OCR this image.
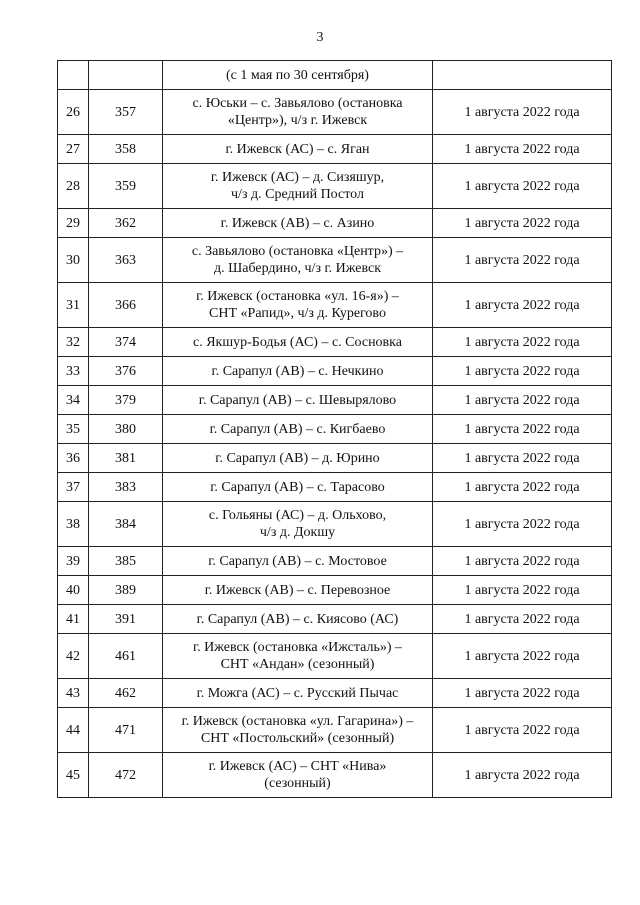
3
		(с 1 мая по 30 сентября)	
26	357	с. Юськи – с. Завьялово (остановка
«Центр»), ч/з г. Ижевск	1 августа 2022 года
27	358	г. Ижевск (АС) – с. Яган	1 августа 2022 года
28	359	г. Ижевск (АС) – д. Сизяшур,
ч/з д. Средний Постол	1 августа 2022 года
29	362	г. Ижевск (АВ) – с. Азино	1 августа 2022 года
30	363	с. Завьялово (остановка «Центр») –
д. Шабердино, ч/з г. Ижевск	1 августа 2022 года
31	366	г. Ижевск (остановка «ул. 16-я») –
СНТ «Рапид», ч/з д. Курегово	1 августа 2022 года
32	374	с. Якшур-Бодья (АС) – с. Сосновка	1 августа 2022 года
33	376	г. Сарапул (АВ) – с. Нечкино	1 августа 2022 года
34	379	г. Сарапул (АВ) – с. Шевырялово	1 августа 2022 года
35	380	г. Сарапул (АВ) – с. Кигбаево	1 августа 2022 года
36	381	г. Сарапул (АВ) – д. Юрино	1 августа 2022 года
37	383	г. Сарапул (АВ) – с. Тарасово	1 августа 2022 года
38	384	с. Гольяны (АС) – д. Ольхово,
ч/з д. Докшу	1 августа 2022 года
39	385	г. Сарапул (АВ) – с. Мостовое	1 августа 2022 года
40	389	г. Ижевск (АВ) – с. Перевозное	1 августа 2022 года
41	391	г. Сарапул (АВ) – с. Киясово (АС)	1 августа 2022 года
42	461	г. Ижевск (остановка «Ижсталь») –
СНТ «Андан» (сезонный)	1 августа 2022 года
43	462	г. Можга (АС) – с. Русский Пычас	1 августа 2022 года
44	471	г. Ижевск (остановка «ул. Гагарина») –
СНТ «Постольский» (сезонный)	1 августа 2022 года
45	472	г. Ижевск (АС) – СНТ «Нива»
(сезонный)	1 августа 2022 года
